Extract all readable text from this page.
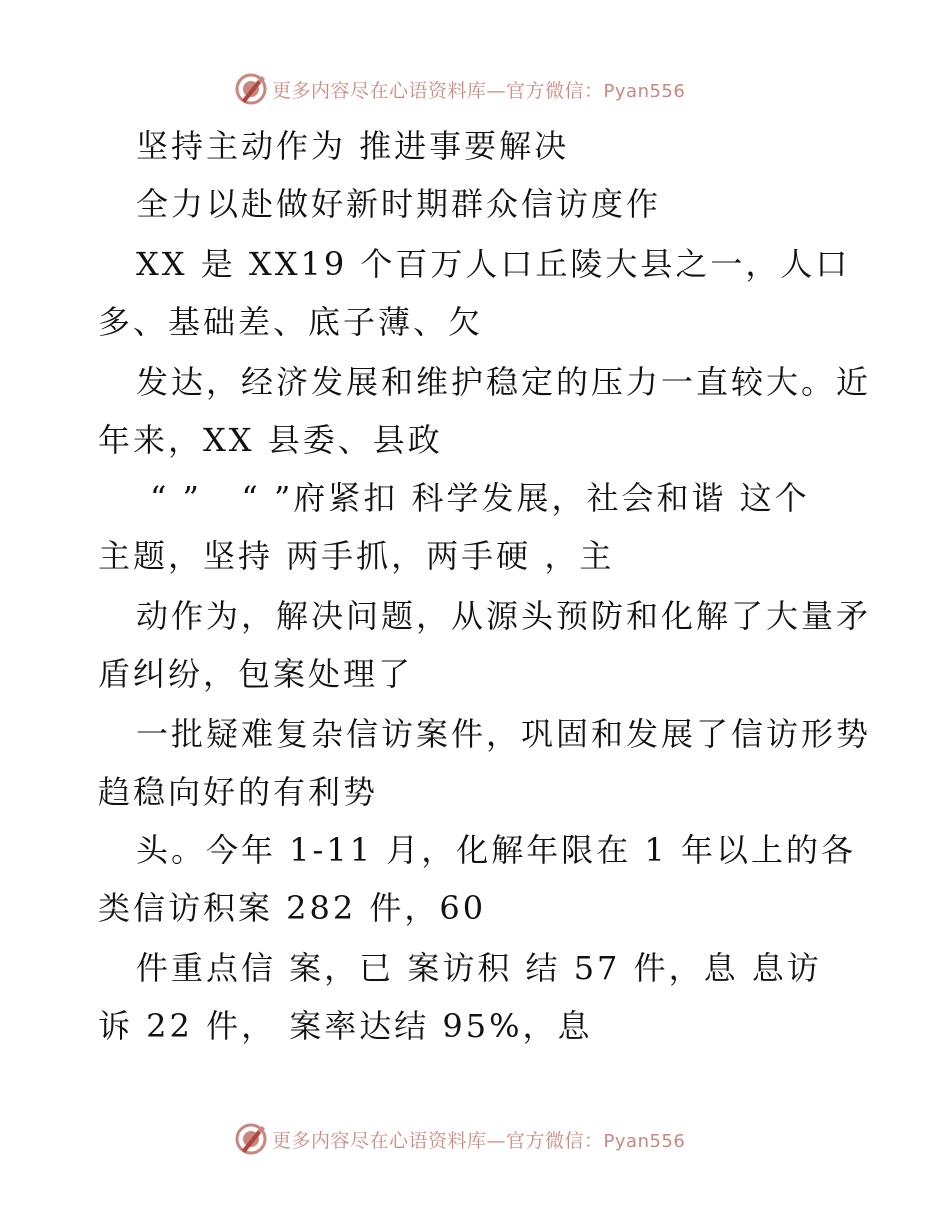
更多内容尽在心语资料库—官方微信：Pyan556
坚持主动作为 推进事要解决
全力以赴做好新时期群众信访度作
XX 是 XX19 个百万人口丘陵大县之一，人口
多、基础差、底子薄、欠
发达，经济发展和维护稳定的压力一直较大。近
年来，XX 县委、县政
“ ”   “ ”府紧扣 科学发展，社会和谐 这个
主题，坚持 两手抓，两手硬 ，主
动作为，解决问题，从源头预防和化解了大量矛
盾纠纷，包案处理了
一批疑难复杂信访案件，巩固和发展了信访形势
趋稳向好的有利势
头。今年 1-11 月，化解年限在 1 年以上的各
类信访积案 282 件，60
件重点信 案，已 案访积 结 57 件，息 息访
诉 22 件， 案率达结 95%，息
更多内容尽在心语资料库—官方微信：Pyan556
